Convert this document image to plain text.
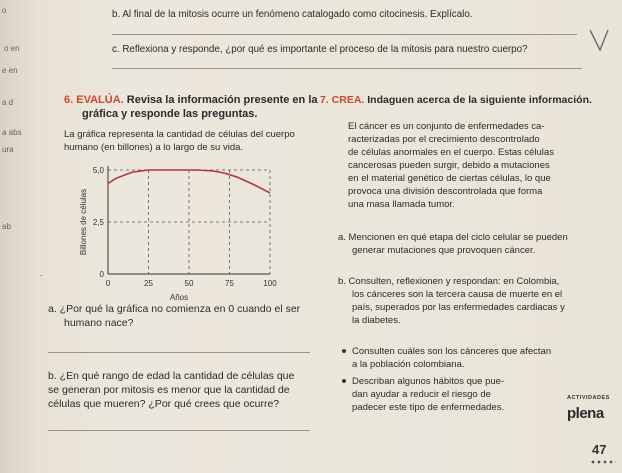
o
o en
e en
a d
a abs
ura
ab
.
b. Al final de la mitosis ocurre un fenómeno catalogado como citocinesis. Explícalo.
c. Reflexiona y responde, ¿por qué es importante el proceso de la mitosis para nuestro cuerpo?
6. EVALÚA. Revisa la información presente en la
gráfica y responde las preguntas.
La gráfica representa la cantidad de células del cuerpo
humano (en billones) a lo largo de su vida.
0	25	50	75	100
0
2,5
5,0
Años
Billones de células
a. ¿Por qué la gráfica no comienza en 0 cuando el ser
humano nace?
b. ¿En qué rango de edad la cantidad de células que
se generan por mitosis es menor que la cantidad de
células que mueren? ¿Por qué crees que ocurre?
7. CREA. Indaguen acerca de la siguiente información.
El cáncer es un conjunto de enfermedades ca-
racterizadas por el crecimiento descontrolado
de células anormales en el cuerpo. Estas células
cancerosas pueden surgir, debido a mutaciones
en el material genético de ciertas células, lo que
provoca una división descontrolada que forma
una masa llamada tumor.
a. Mencionen en qué etapa del ciclo celular se pueden
generar mutaciones que provoquen cáncer.
b. Consulten, reflexionen y respondan: en Colombia,
los cánceres son la tercera causa de muerte en el
país, superados por las enfermedades cardiacas y
la diabetes.
Consulten cuáles son los cánceres que afectan
a la población colombiana.
Describan algunos hábitos que pue-
dan ayudar a reducir el riesgo de
padecer este tipo de enfermedades.
ACTIVIDADES
plena
47
